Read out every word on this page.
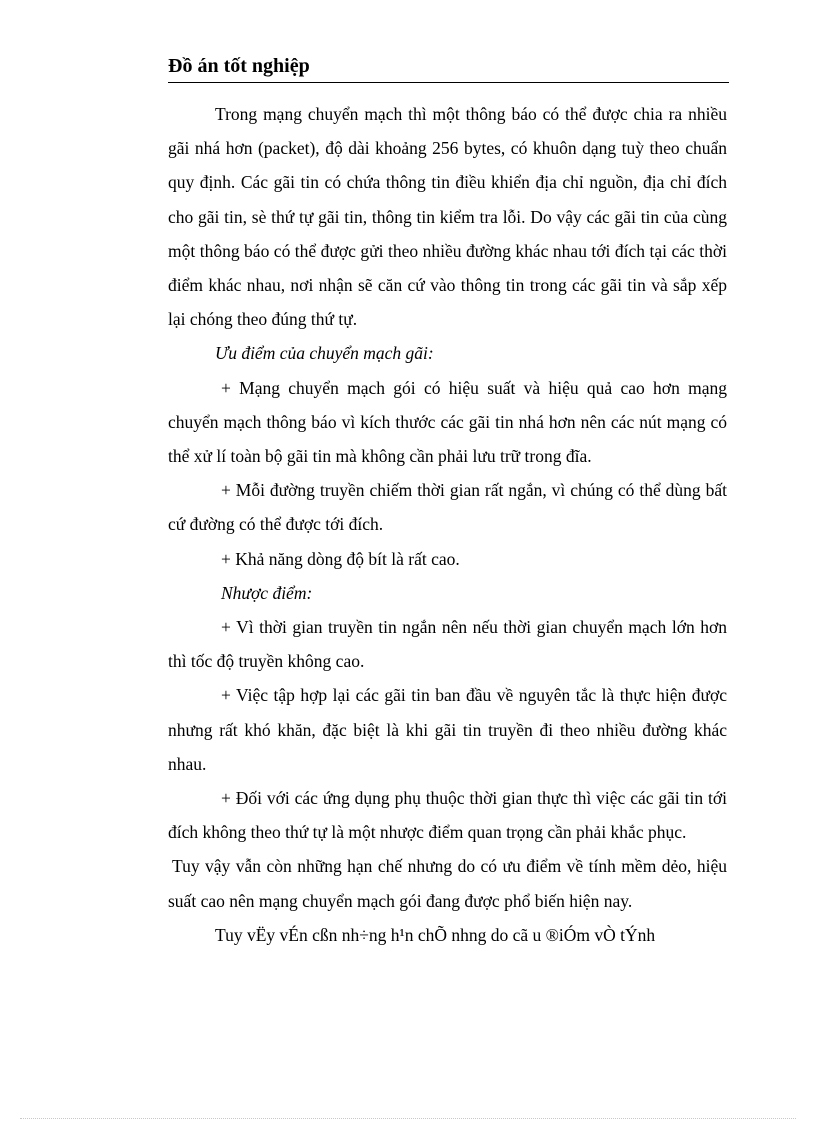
Đồ án tốt nghiệp

Trong mạng chuyển mạch thì một thông báo có thể được chia ra nhiều gãi nhá hơn (packet), độ dài khoảng 256 bytes, có khuôn dạng tuỳ theo chuẩn quy định. Các gãi tin có chứa thông tin điều khiển địa chỉ nguồn, địa chỉ đích cho gãi tin, sè thứ tự gãi tin, thông tin kiểm tra lỗi. Do vậy các gãi tin của cùng một thông báo có thể được gửi theo nhiều đường khác nhau tới đích tại các thời điểm khác nhau, nơi nhận sẽ căn cứ vào thông tin trong các gãi tin và sắp xếp lại chóng theo đúng thứ tự.

Ưu điểm của chuyển mạch gãi:

+ Mạng chuyển mạch gói có hiệu suất và hiệu quả cao hơn mạng chuyển mạch thông báo vì kích thước các gãi tin nhá hơn nên các nút mạng có thể xử lí toàn bộ gãi tin mà không cần phải lưu trữ trong đĩa.

+ Mỗi đường truyền chiếm thời gian rất ngắn, vì chúng có thể dùng bất cứ đường có thể được tới đích.

+ Khả năng dòng độ bít là rất cao.

Nhược điểm:

+ Vì thời gian truyền tin ngắn nên nếu thời gian chuyển mạch lớn hơn thì tốc độ truyền không cao.

+ Việc tập hợp lại các gãi tin ban đầu về nguyên tắc là thực hiện được nhưng rất khó khăn, đặc biệt là khi gãi tin truyền đi theo nhiều đường khác nhau.

+ Đối với các ứng dụng phụ thuộc thời gian thực thì việc các gãi tin tới đích không theo thứ tự là một nhược điểm quan trọng cần phải khắc phục.

Tuy vậy vẫn còn những hạn chế nhưng do có ưu điểm về tính mềm dẻo, hiệu suất cao nên mạng chuyển mạch gói đang được phổ biến hiện nay.

Tuy vËy vÉn cßn nh÷ng h¹n chÕ nhng do cã u ®iÓm vÒ tÝnh
